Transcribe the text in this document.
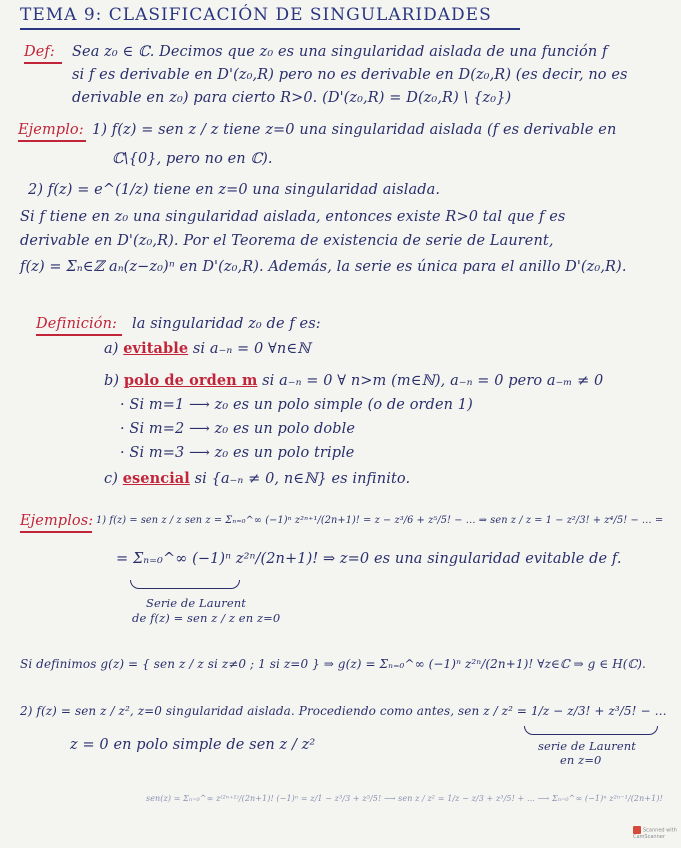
TEMA 9: CLASIFICACIÓN DE SINGULARIDADES
Def: Sea z₀ ∈ ℂ. Decimos que z₀ es una singularidad aislada de una función f
si f es derivable en D'(z₀,R) pero no es derivable en D(z₀,R) (es decir, no es
derivable en z₀) para cierto R>0. (D'(z₀,R) = D(z₀,R) \ {z₀})
Ejemplo: 1) f(z) = sen z / z tiene z=0 una singularidad aislada (f es derivable en
ℂ\{0}, pero no en ℂ).
2) f(z) = e^(1/z) tiene en z=0 una singularidad aislada.
Si f tiene en z₀ una singularidad aislada, entonces existe R>0 tal que f es
derivable en D'(z₀,R). Por el Teorema de existencia de serie de Laurent,
f(z) = Σₙ∈ℤ aₙ(z−z₀)ⁿ en D'(z₀,R). Además, la serie es única para el anillo D'(z₀,R).
Definición: la singularidad z₀ de f es:
a) evitable si a₋ₙ = 0 ∀n∈ℕ
b) polo de orden m si a₋ₙ = 0 ∀ n>m (m∈ℕ), a₋ₙ = 0 pero a₋ₘ ≠ 0
· Si m=1 ⟶ z₀ es un polo simple (o de orden 1)
· Si m=2 ⟶ z₀ es un polo doble
· Si m=3 ⟶ z₀ es un polo triple
c) esencial si {a₋ₙ ≠ 0, n∈ℕ} es infinito.
Ejemplos: 1) f(z) = sen z / z sen z = Σₙ₌₀^∞ (−1)ⁿ z²ⁿ⁺¹/(2n+1)! = z − z³/6 + z⁵/5! − … ⇒ sen z / z = 1 − z²/3! + z⁴/5! − … =
= Σₙ₌₀^∞ (−1)ⁿ z²ⁿ/(2n+1)! ⇒ z=0 es una singularidad evitable de f.
Serie de Laurent
de f(z) = sen z / z en z=0
Si definimos g(z) = { sen z / z si z≠0 ; 1 si z=0 } ⇒ g(z) = Σₙ₌₀^∞ (−1)ⁿ z²ⁿ/(2n+1)! ∀z∈ℂ ⇒ g ∈ H(ℂ).
2) f(z) = sen z / z², z=0 singularidad aislada. Procediendo como antes, sen z / z² = 1/z − z/3! + z³/5! − …
z = 0 en polo simple de sen z / z²	serie de Laurent
en z=0
sen(z) = Σₙ₌₀^∞ z⁽²ⁿ⁺¹⁾/(2n+1)! (−1)ⁿ = z/1 − z³/3 + z⁵/5! ⟶ sen z / z² = 1/z − z/3 + z³/5! + … ⟶ Σₙ₌₀^∞ (−1)ⁿ z²ⁿ⁻¹/(2n+1)!
Scanned with
CamScanner
